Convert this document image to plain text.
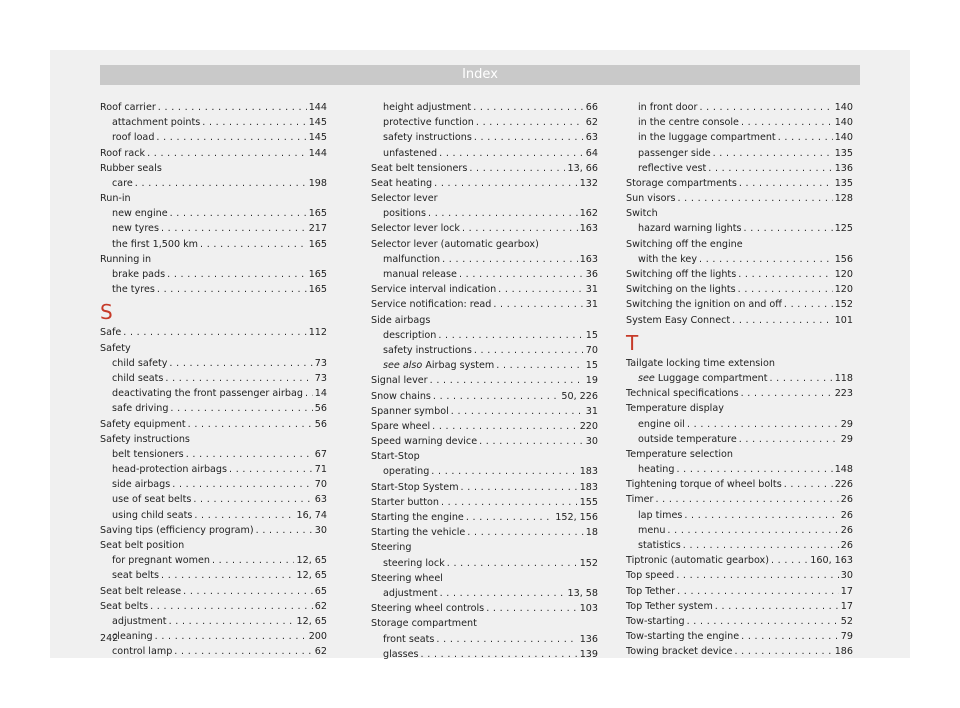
Index
Roof carrier . . .	144
attachment points . . .	145
roof load . . .	145
Roof rack . . .	144
Rubber seals
care . . .	198
Run-in
new engine . . .	165
new tyres . . .	217
the first 1,500 km . . .	165
Running in
brake pads . . .	165
the tyres . . .	165
S
Safe . . .	112
Safety
child safety . . .	73
child seats . . .	73
deactivating the front passenger airbag . . . 14
safe driving . . .	56
Safety equipment . . .	56
Safety instructions
belt tensioners . . .	67
head-protection airbags . . .	71
side airbags . . .	70
use of seat belts . . .	63
using child seats . . .	16, 74
Saving tips (efficiency program) . . .	30
Seat belt position
for pregnant women . . .	12, 65
seat belts . . .	12, 65
Seat belt release . . .	65
Seat belts . . .	62
adjustment . . .	12, 65
cleaning . . .	200
control lamp . . .	62
height adjustment . . .	66
protective function . . .	62
safety instructions . . .	63
unfastened . . .	64
Seat belt tensioners . . .	13, 66
Seat heating . . .	132
Selector lever
positions . . .	162
Selector lever lock . . .	163
Selector lever (automatic gearbox)
malfunction . . .	163
manual release . . .	36
Service interval indication . . .	31
Service notification: read . . .	31
Side airbags
description . . .	15
safety instructions . . .	70
see also Airbag system . . .	15
Signal lever . . .	19
Snow chains . . .	50, 226
Spanner symbol . . .	31
Spare wheel . . .	220
Speed warning device . . .	30
Start-Stop
operating . . .	183
Start-Stop System . . .	183
Starter button . . .	155
Starting the engine . . .	152, 156
Starting the vehicle . . .	18
Steering
steering lock . . .	152
Steering wheel
adjustment . . .	13, 58
Steering wheel controls . . .	103
Storage compartment
front seats . . .	136
glasses . . .	139
in front door . . .	140
in the centre console . . .	140
in the luggage compartment . . .	140
passenger side . . .	135
reflective vest . . .	136
Storage compartments . . .	135
Sun visors . . .	128
Switch
hazard warning lights . . .	125
Switching off the engine
with the key . . .	156
Switching off the lights . . .	120
Switching on the lights . . .	120
Switching the ignition on and off . . .	152
System Easy Connect . . .	101
T
Tailgate locking time extension
see Luggage compartment . . .	118
Technical specifications . . .	223
Temperature display
engine oil . . .	29
outside temperature . . .	29
Temperature selection
heating . . .	148
Tightening torque of wheel bolts . . .	226
Timer . . .	26
lap times . . .	26
menu . . .	26
statistics . . .	26
Tiptronic (automatic gearbox) . . .	160, 163
Top speed . . .	30
Top Tether . . .	17
Top Tether system . . .	17
Tow-starting . . .	52
Tow-starting the engine . . .	79
Towing bracket device . . .	186
242
